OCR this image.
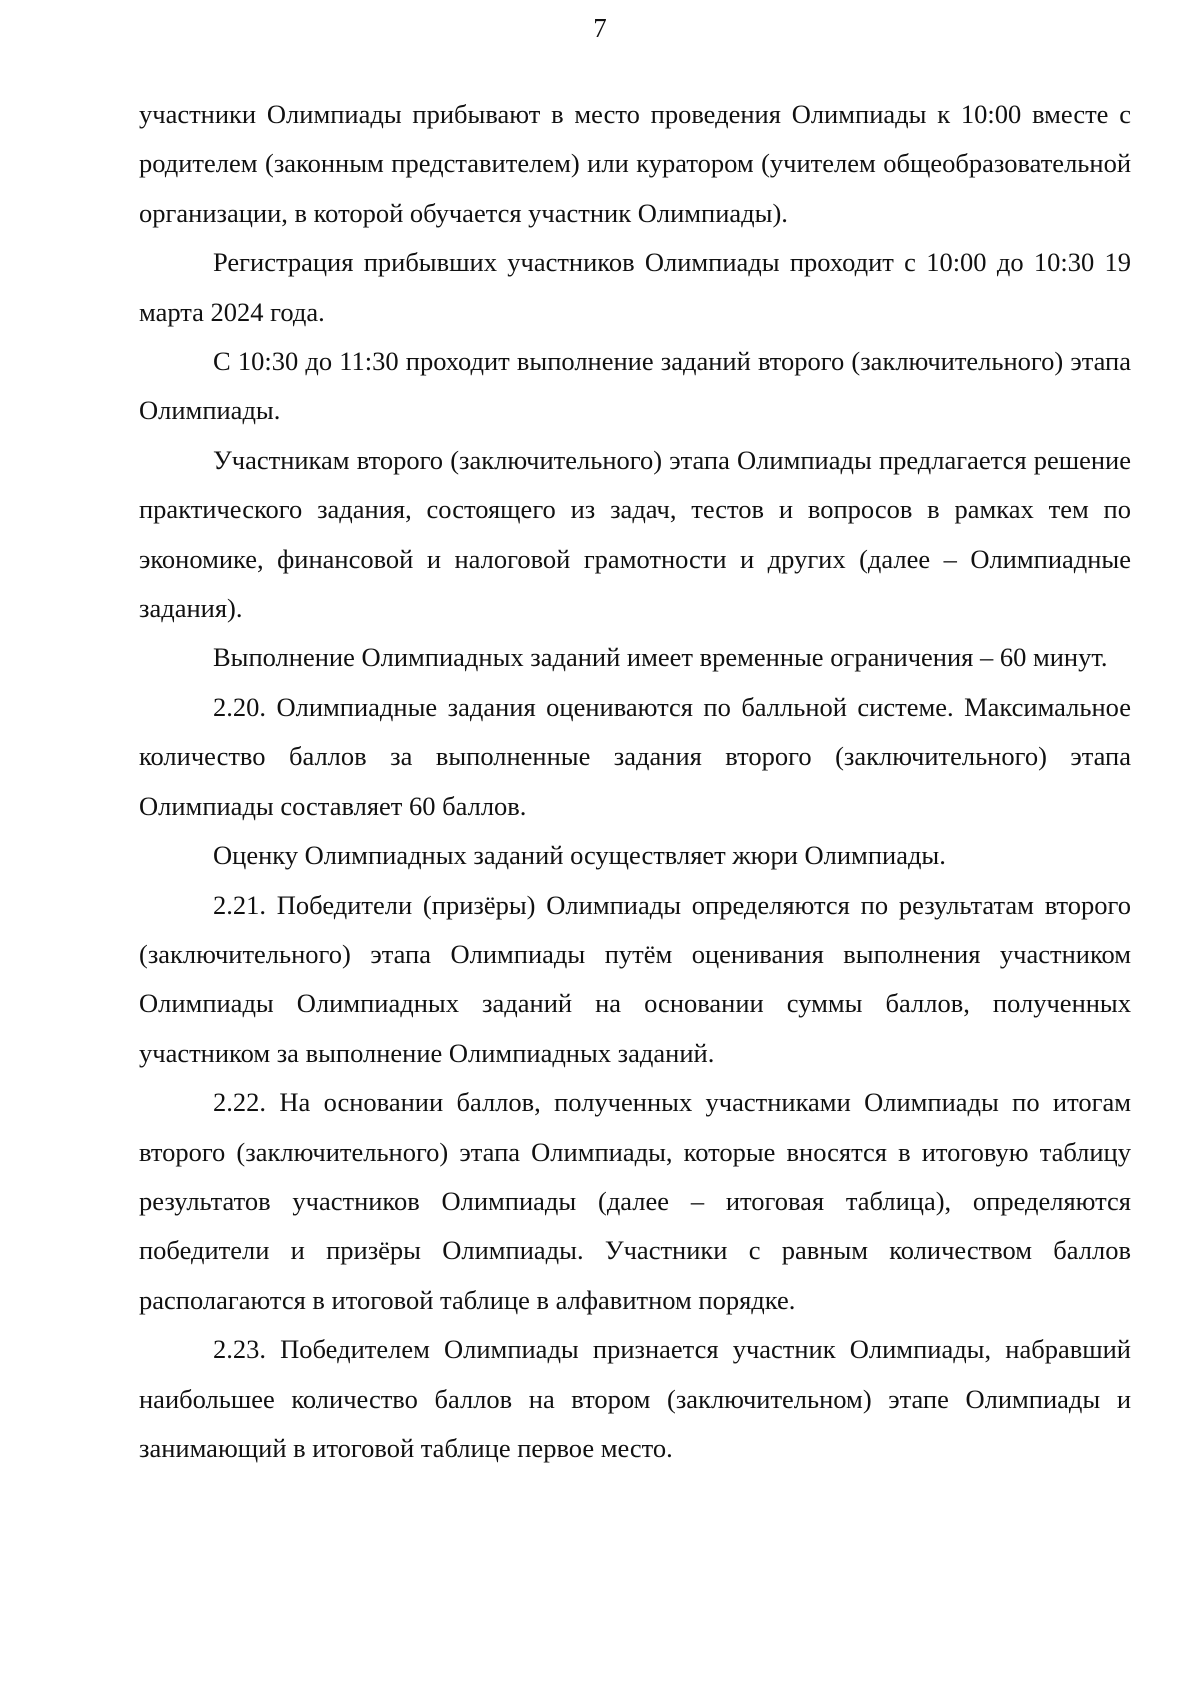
7

участники Олимпиады прибывают в место проведения Олимпиады к 10:00 вместе с родителем (законным представителем) или куратором (учителем общеобразовательной организации, в которой обучается участник Олимпиады).

Регистрация прибывших участников Олимпиады проходит с 10:00 до 10:30 19 марта 2024 года.

С 10:30 до 11:30 проходит выполнение заданий второго (заключительного) этапа Олимпиады.

Участникам второго (заключительного) этапа Олимпиады предлагается решение практического задания, состоящего из задач, тестов и вопросов в рамках тем по экономике, финансовой и налоговой грамотности и других (далее – Олимпиадные задания).

Выполнение Олимпиадных заданий имеет временные ограничения – 60 минут.

2.20. Олимпиадные задания оцениваются по балльной системе. Максимальное количество баллов за выполненные задания второго (заключительного) этапа Олимпиады составляет 60 баллов.

Оценку Олимпиадных заданий осуществляет жюри Олимпиады.

2.21. Победители (призёры) Олимпиады определяются по результатам второго (заключительного) этапа Олимпиады путём оценивания выполнения участником Олимпиады Олимпиадных заданий на основании суммы баллов, полученных участником за выполнение Олимпиадных заданий.

2.22. На основании баллов, полученных участниками Олимпиады по итогам второго (заключительного) этапа Олимпиады, которые вносятся в итоговую таблицу результатов участников Олимпиады (далее – итоговая таблица), определяются победители и призёры Олимпиады. Участники с равным количеством баллов располагаются в итоговой таблице в алфавитном порядке.

2.23. Победителем Олимпиады признается участник Олимпиады, набравший наибольшее количество баллов на втором (заключительном) этапе Олимпиады и занимающий в итоговой таблице первое место.
